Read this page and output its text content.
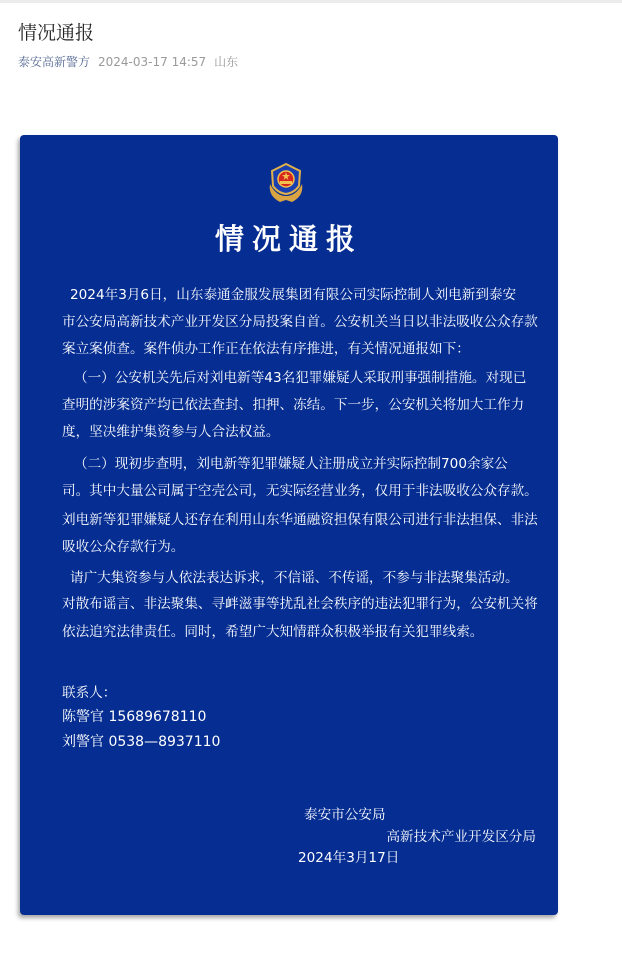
情况通报
泰安高新警方 2024-03-17 14:57 山东
情况通报
2024年3月6日，山东泰通金服发展集团有限公司实际控制人刘电新到泰安
市公安局高新技术产业开发区分局投案自首。公安机关当日以非法吸收公众存款
案立案侦查。案件侦办工作正在依法有序推进，有关情况通报如下：
（一）公安机关先后对刘电新等43名犯罪嫌疑人采取刑事强制措施。对现已
查明的涉案资产均已依法查封、扣押、冻结。下一步，公安机关将加大工作力
度，坚决维护集资参与人合法权益。
（二）现初步查明，刘电新等犯罪嫌疑人注册成立并实际控制700余家公
司。其中大量公司属于空壳公司，无实际经营业务，仅用于非法吸收公众存款。
刘电新等犯罪嫌疑人还存在利用山东华通融资担保有限公司进行非法担保、非法
吸收公众存款行为。
请广大集资参与人依法表达诉求，不信谣、不传谣，不参与非法聚集活动。
对散布谣言、非法聚集、寻衅滋事等扰乱社会秩序的违法犯罪行为，公安机关将
依法追究法律责任。同时，希望广大知情群众积极举报有关犯罪线索。
联系人：
陈警官 15689678110
刘警官 0538—8937110
泰安市公安局
高新技术产业开发区分局
2024年3月17日
